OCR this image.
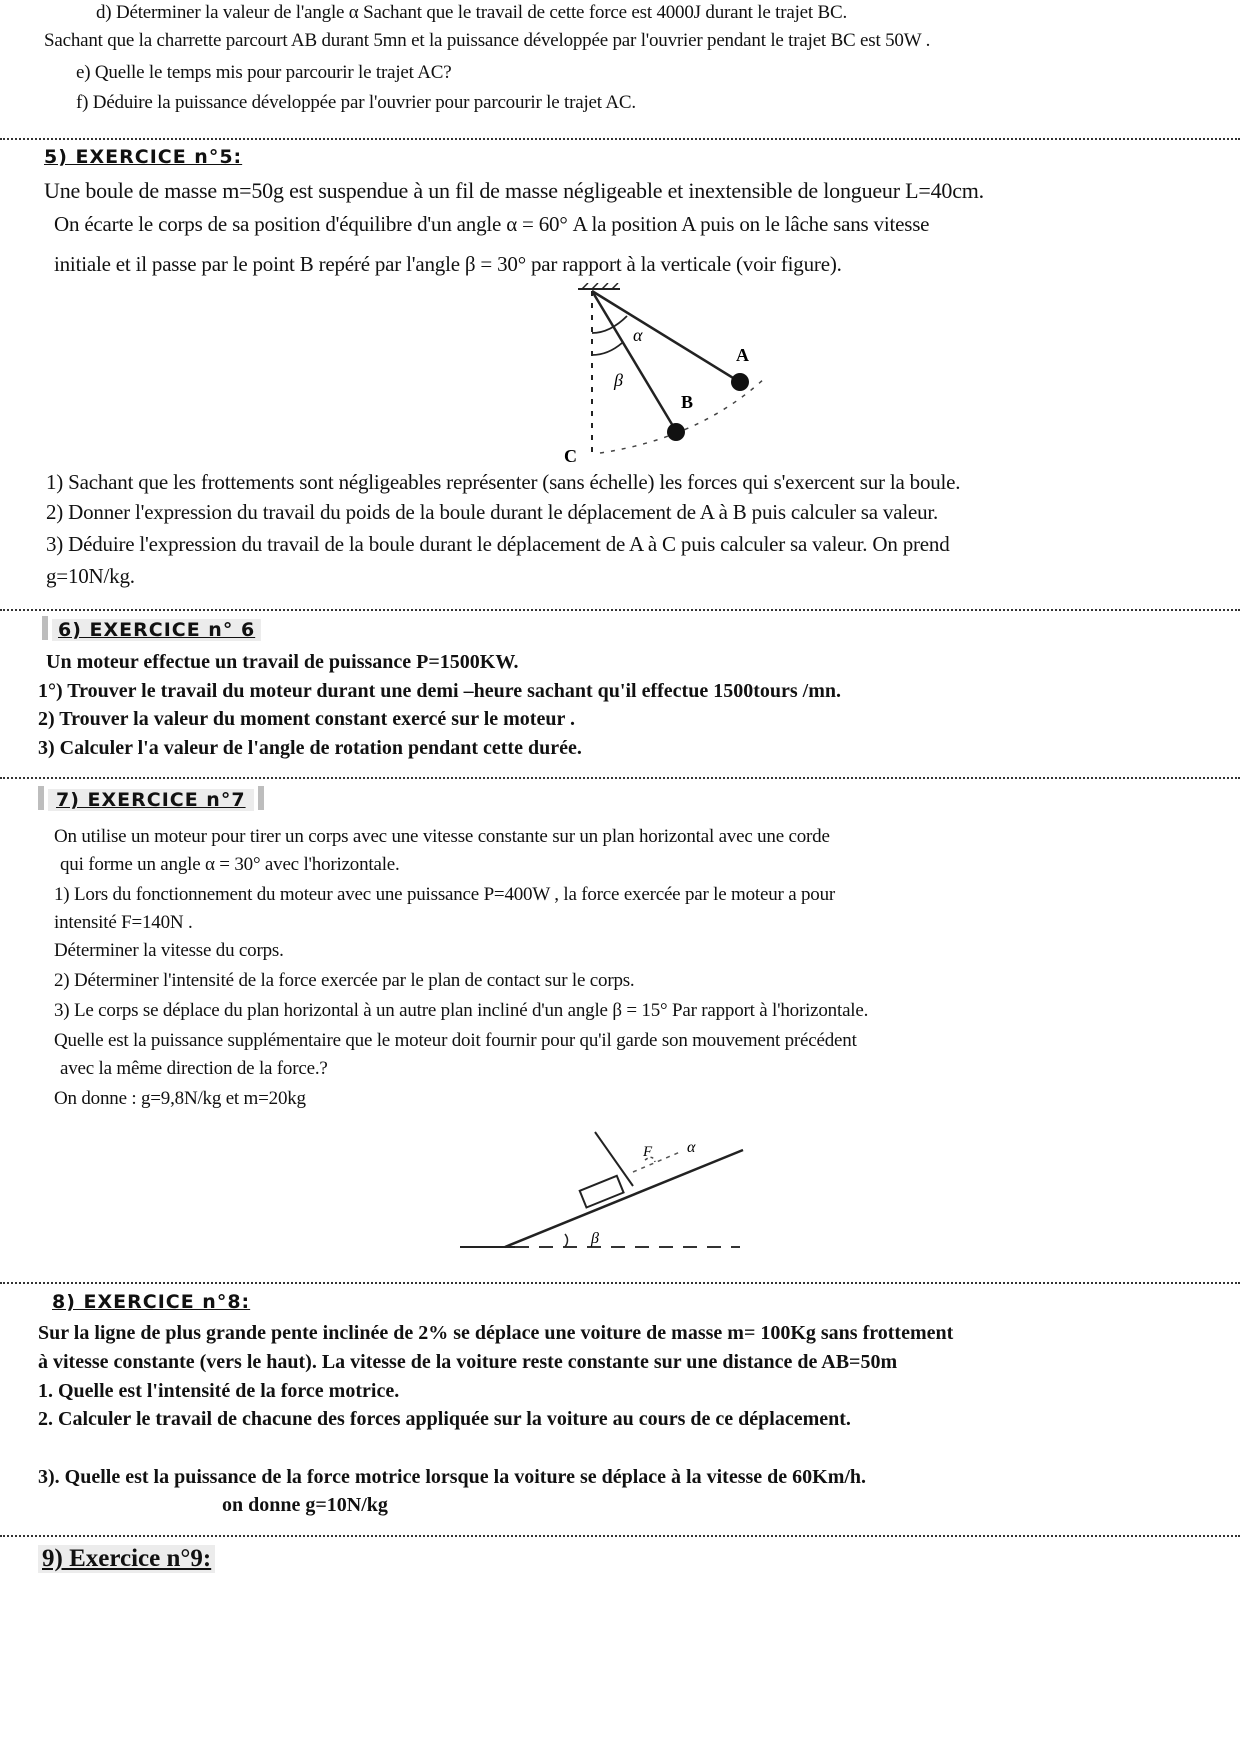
d) Déterminer la valeur de l'angle α Sachant que le travail de cette force est 4000J durant le trajet BC.
Sachant que la charrette parcourt AB durant 5mn et la puissance développée par l'ouvrier pendant le trajet BC est 50W .
e) Quelle le temps mis pour parcourir le trajet AC?
f) Déduire la puissance développée par l'ouvrier pour parcourir le trajet AC.
5) EXERCICE n°5:
Une boule de masse m=50g est suspendue à un fil de masse négligeable et inextensible de longueur L=40cm.
On écarte le corps de sa position d'équilibre d'un angle α = 60° A la position A puis on le lâche sans vitesse
initiale et il passe par le point B repéré par l'angle β = 30° par rapport à la verticale (voir figure).
α
β
A
B
C
1) Sachant que les frottements sont négligeables représenter (sans échelle) les forces qui s'exercent sur la boule.
2) Donner l'expression du travail du poids de la boule durant le déplacement de A à B puis calculer sa valeur.
3) Déduire l'expression du travail de la boule durant le déplacement de A à C puis calculer sa valeur. On prend
g=10N/kg.
6) EXERCICE n° 6
Un moteur effectue un travail de puissance P=1500KW.
1°) Trouver le travail du moteur durant une demi –heure sachant qu'il effectue 1500tours /mn.
2) Trouver la valeur du moment constant exercé sur le moteur .
3) Calculer l'a valeur de l'angle de rotation pendant cette durée.
7) EXERCICE n°7
On utilise un moteur pour tirer un corps avec une vitesse constante sur un plan horizontal avec une corde
qui forme un angle α = 30° avec l'horizontale.
1) Lors du fonctionnement du moteur avec une puissance P=400W , la force exercée par le moteur a pour
intensité F=140N .
Déterminer la vitesse du corps.
2) Déterminer l'intensité de la force exercée par le plan de contact sur le corps.
3) Le corps se déplace du plan horizontal à un autre plan incliné d'un angle β = 15° Par rapport à l'horizontale.
Quelle est la puissance supplémentaire que le moteur doit fournir pour qu'il garde son mouvement précédent
avec la même direction de la force.?
On donne : g=9,8N/kg et m=20kg
F α
β
8) EXERCICE n°8:
Sur la ligne de plus grande pente inclinée de 2% se déplace une voiture de masse m= 100Kg sans frottement
à vitesse constante (vers le haut). La vitesse de la voiture reste constante sur une distance de AB=50m
1. Quelle est l'intensité de la force motrice.
2. Calculer le travail de chacune des forces appliquée sur la voiture au cours de ce déplacement.
3). Quelle est la puissance de la force motrice lorsque la voiture se déplace à la vitesse de 60Km/h.
on donne g=10N/kg
9) Exercice n°9:
